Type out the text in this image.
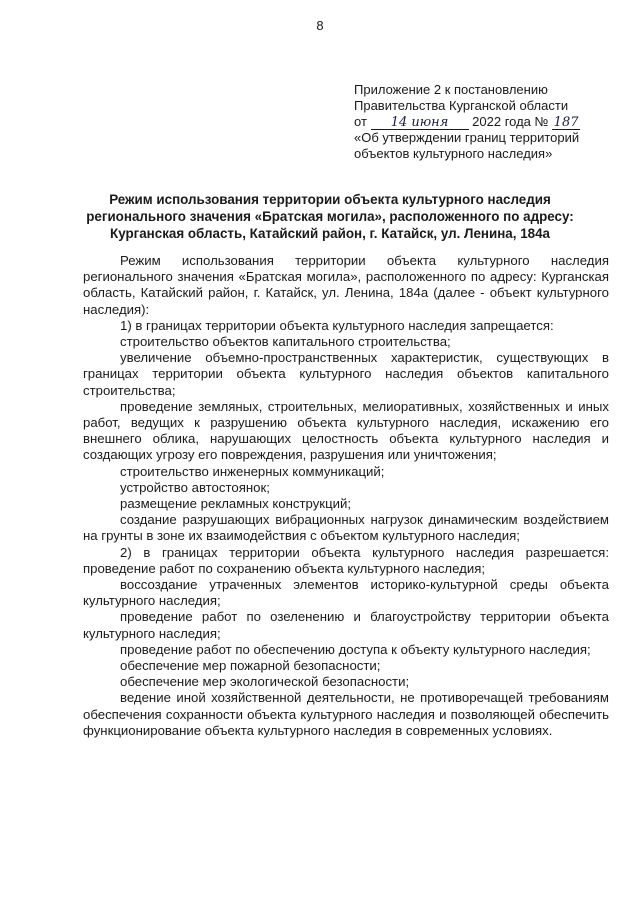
8
Приложение 2 к постановлению
Правительства Курганской области
от 14 июня 2022 года № 187
«Об утверждении границ территорий
объектов культурного наследия»
Режим использования территории объекта культурного наследия регионального значения «Братская могила», расположенного по адресу: Курганская область, Катайский район, г. Катайск, ул. Ленина, 184а

Режим использования территории объекта культурного наследия регионального значения «Братская могила», расположенного по адресу: Курганская область, Катайский район, г. Катайск, ул. Ленина, 184а (далее - объект культурного наследия):

1) в границах территории объекта культурного наследия запрещается:

строительство объектов капитального строительства;

увеличение объемно-пространственных характеристик, существующих в границах территории объекта культурного наследия объектов капитального строительства;

проведение земляных, строительных, мелиоративных, хозяйственных и иных работ, ведущих к разрушению объекта культурного наследия, искажению его внешнего облика, нарушающих целостность объекта культурного наследия и создающих угрозу его повреждения, разрушения или уничтожения;

строительство инженерных коммуникаций;

устройство автостоянок;

размещение рекламных конструкций;

создание разрушающих вибрационных нагрузок динамическим воздействием на грунты в зоне их взаимодействия с объектом культурного наследия;

2) в границах территории объекта культурного наследия разрешается: проведение работ по сохранению объекта культурного наследия;

воссоздание утраченных элементов историко-культурной среды объекта культурного наследия;

проведение работ по озеленению и благоустройству территории объекта культурного наследия;

проведение работ по обеспечению доступа к объекту культурного наследия;

обеспечение мер пожарной безопасности;

обеспечение мер экологической безопасности;

ведение иной хозяйственной деятельности, не противоречащей требованиям обеспечения сохранности объекта культурного наследия и позволяющей обеспечить функционирование объекта культурного наследия в современных условиях.
